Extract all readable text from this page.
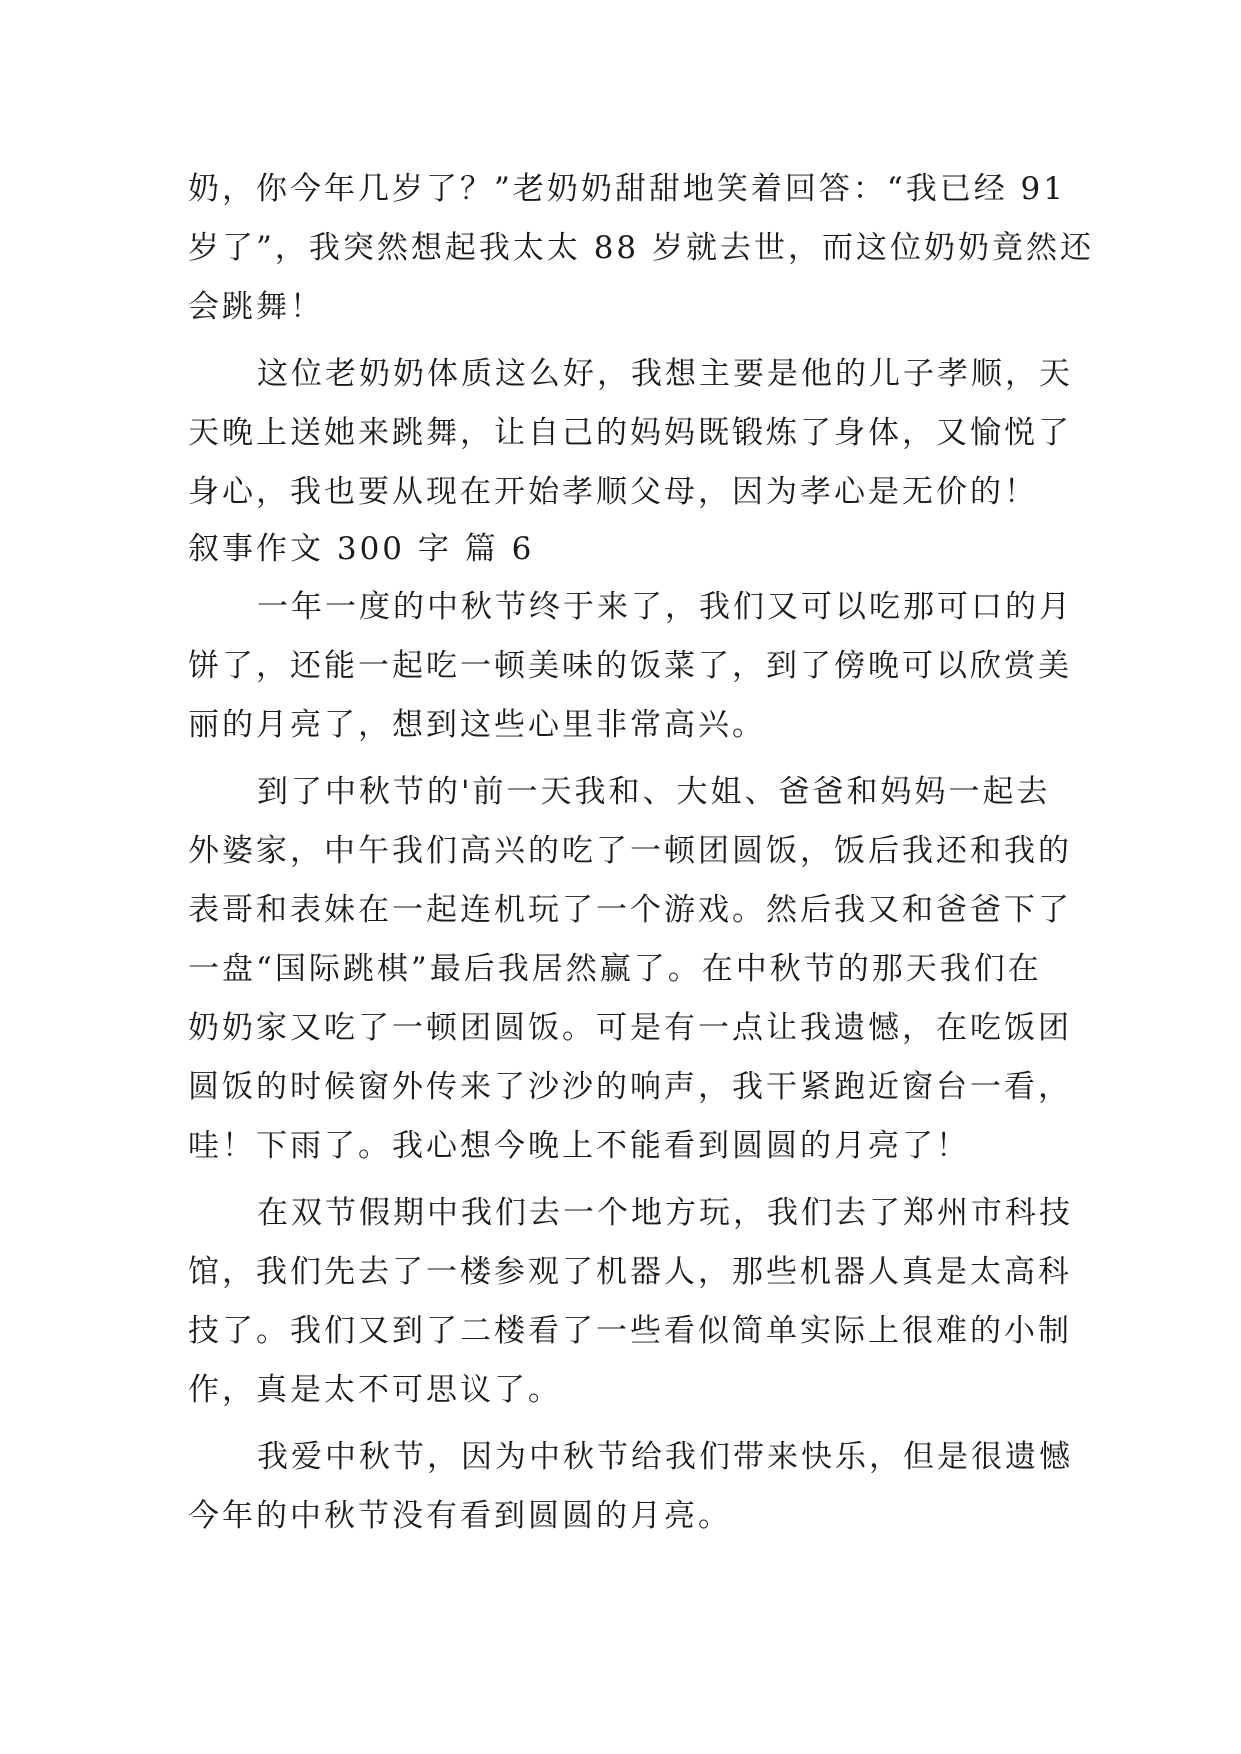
奶，你今年几岁了？”老奶奶甜甜地笑着回答：“我已经 91
岁了”，我突然想起我太太 88 岁就去世，而这位奶奶竟然还
会跳舞！
这位老奶奶体质这么好，我想主要是他的儿子孝顺，天
天晚上送她来跳舞，让自己的妈妈既锻炼了身体，又愉悦了
身心，我也要从现在开始孝顺父母，因为孝心是无价的！
叙事作文 300 字 篇 6
一年一度的中秋节终于来了，我们又可以吃那可口的月
饼了，还能一起吃一顿美味的饭菜了，到了傍晚可以欣赏美
丽的月亮了，想到这些心里非常高兴。
到了中秋节的'前一天我和、大姐、爸爸和妈妈一起去
外婆家，中午我们高兴的吃了一顿团圆饭，饭后我还和我的
表哥和表妹在一起连机玩了一个游戏。然后我又和爸爸下了
一盘“国际跳棋”最后我居然赢了。在中秋节的那天我们在
奶奶家又吃了一顿团圆饭。可是有一点让我遗憾，在吃饭团
圆饭的时候窗外传来了沙沙的响声，我干紧跑近窗台一看，
哇！下雨了。我心想今晚上不能看到圆圆的月亮了！
在双节假期中我们去一个地方玩，我们去了郑州市科技
馆，我们先去了一楼参观了机器人，那些机器人真是太高科
技了。我们又到了二楼看了一些看似简单实际上很难的小制
作，真是太不可思议了。
我爱中秋节，因为中秋节给我们带来快乐，但是很遗憾
今年的中秋节没有看到圆圆的月亮。
